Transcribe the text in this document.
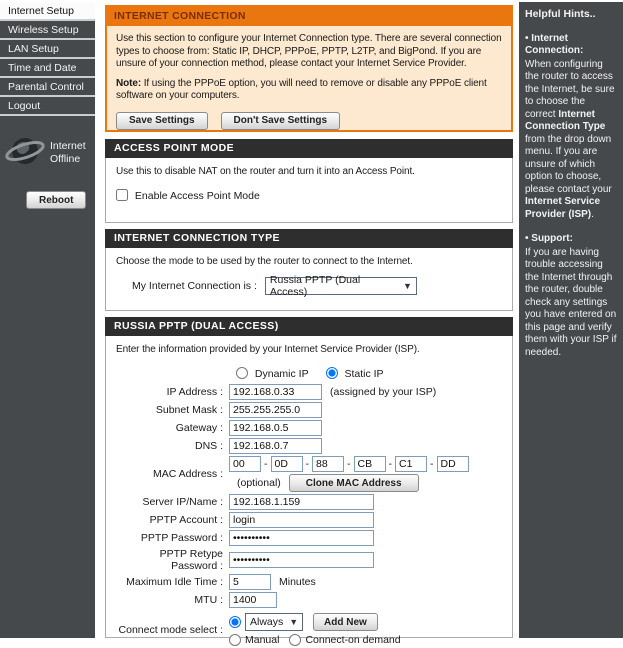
Internet Setup
Wireless Setup
LAN Setup
Time and Date
Parental Control
Logout
Internet
Offline
Reboot
INTERNET CONNECTION

Use this section to configure your Internet Connection type. There are several connection types to choose from: Static IP, DHCP, PPPoE, PPTP, L2TP, and BigPond. If you are unsure of your connection method, please contact your Internet Service Provider.

Note: If using the PPPoE option, you will need to remove or disable any PPPoE client software on your computers.

Save Settings	Don't Save Settings
ACCESS POINT MODE
Use this to disable NAT on the router and turn it into an Access Point.
Enable Access Point Mode
INTERNET CONNECTION TYPE
Choose the mode to be used by the router to connect to the Internet.
My Internet Connection is : Russia PPTP (Dual Access)	▼
RUSSIA PPTP (DUAL ACCESS)
Enter the information provided by your Internet Service Provider (ISP).
Dynamic IP	Static IP
IP Address :
192.168.0.33	(assigned by your ISP)
Subnet Mask :
255.255.255.0
Gateway :
192.168.0.5
DNS :
192.168.0.7
MAC Address :
00
-
0D	-
88	-
CB	-
C1	-
DD
(optional)	Clone MAC Address
Server IP/Name :
192.168.1.159
PPTP Account :
login
PPTP Password :
••••••••••
PPTP Retype Password :
••••••••••
Maximum Idle Time :
5	Minutes
MTU :
1400
Connect mode select :
Always ▼	Add New
Manual Connect-on demand
Helpful Hints..
• Internet Connection:

When configuring the router to access the Internet, be sure to choose the correct Internet Connection Type from the drop down menu. If you are unsure of which option to choose, please contact your Internet Service Provider (ISP).

• Support:

If you are having trouble accessing the Internet through the router, double check any settings you have entered on this page and verify them with your ISP if needed.
